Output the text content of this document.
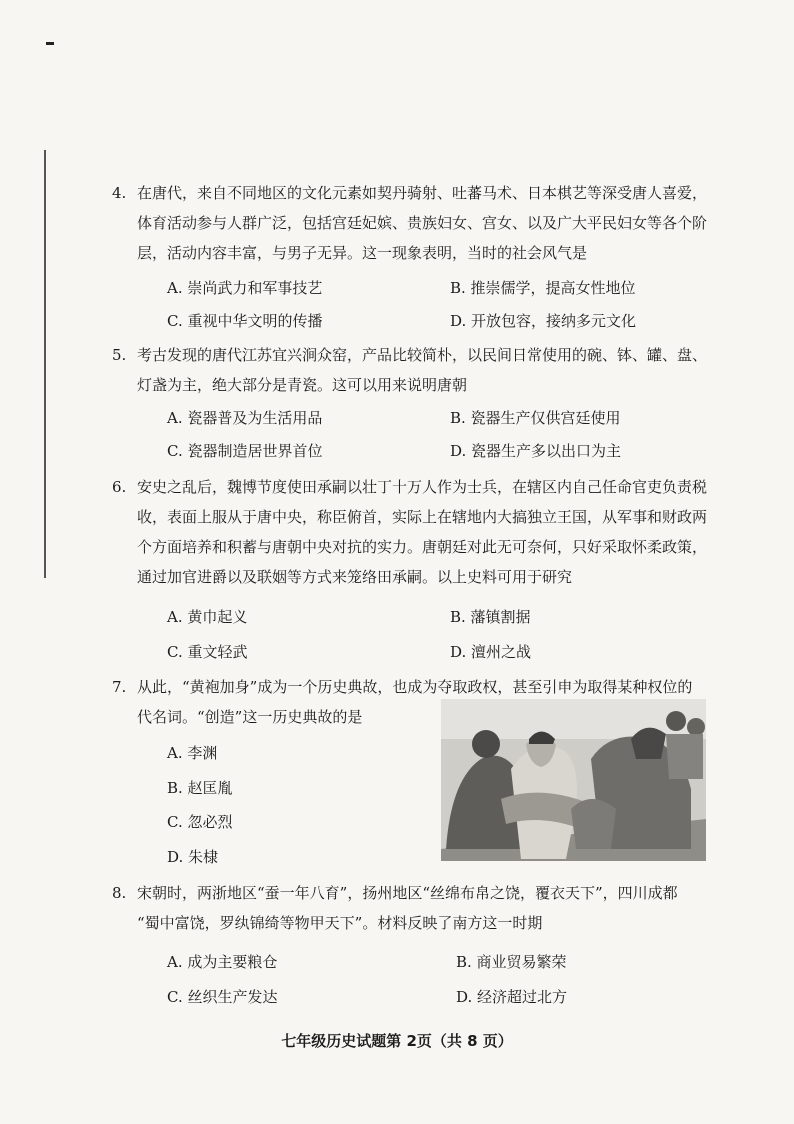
4. 在唐代，来自不同地区的文化元素如契丹骑射、吐蕃马术、日本棋艺等深受唐人喜爱，
体育活动参与人群广泛，包括宫廷妃嫔、贵族妇女、宫女、以及广大平民妇女等各个阶
层，活动内容丰富，与男子无异。这一现象表明，当时的社会风气是
A. 崇尚武力和军事技艺	B. 推崇儒学，提高女性地位
C. 重视中华文明的传播	D. 开放包容，接纳多元文化
5. 考古发现的唐代江苏宜兴涧众窑，产品比较简朴，以民间日常使用的碗、钵、罐、盘、
灯盏为主，绝大部分是青瓷。这可以用来说明唐朝
A. 瓷器普及为生活用品	B. 瓷器生产仅供宫廷使用
C. 瓷器制造居世界首位	D. 瓷器生产多以出口为主
6. 安史之乱后，魏博节度使田承嗣以壮丁十万人作为士兵，在辖区内自己任命官吏负责税
收，表面上服从于唐中央，称臣俯首，实际上在辖地内大搞独立王国，从军事和财政两
个方面培养和积蓄与唐朝中央对抗的实力。唐朝廷对此无可奈何，只好采取怀柔政策，
通过加官进爵以及联姻等方式来笼络田承嗣。以上史料可用于研究
A. 黄巾起义	B. 藩镇割据
C. 重文轻武	D. 澶州之战
7. 从此，“黄袍加身”成为一个历史典故，也成为夺取政权，甚至引申为取得某种权位的
代名词。“创造”这一历史典故的是
A. 李渊
B. 赵匡胤
C. 忽必烈
D. 朱棣
8. 宋朝时，两浙地区“蚕一年八育”，扬州地区“丝绵布帛之饶，覆衣天下”，四川成都
“蜀中富饶，罗纨锦绮等物甲天下”。材料反映了南方这一时期
A. 成为主要粮仓	B. 商业贸易繁荣
C. 丝织生产发达	D. 经济超过北方
七年级历史试题第 2页（共 8 页）
